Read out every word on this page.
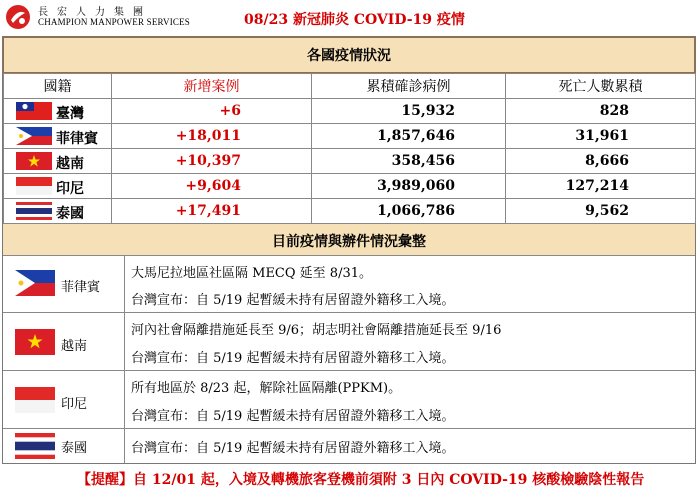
長宏人力集團
CHAMPION MANPOWER SERVICES	08/23 新冠肺炎 COVID-19 疫情
各國疫情狀況
國籍	新增案例	累積確診病例	死亡人數累積

臺灣	+6	15,932	828

菲律賓	+18,011	1,857,646	31,961

越南	+10,397	358,456	8,666

印尼	+9,604	3,989,060	127,214

泰國	+17,491	1,066,786	9,562
目前疫情與辦件情況彙整
菲律賓
大馬尼拉地區社區隔 MECQ 延至 8/31。
台灣宣布：自 5/19 起暫緩未持有居留證外籍移工入境。
越南
河內社會隔離措施延長至 9/6；胡志明社會隔離措施延長至 9/16
台灣宣布：自 5/19 起暫緩未持有居留證外籍移工入境。
印尼
所有地區於 8/23 起，解除社區隔離(PPKM)。
台灣宣布：自 5/19 起暫緩未持有居留證外籍移工入境。
泰國	台灣宣布：自 5/19 起暫緩未持有居留證外籍移工入境。
【提醒】自 12/01 起，入境及轉機旅客登機前須附 3 日內 COVID-19 核酸檢驗陰性報告
